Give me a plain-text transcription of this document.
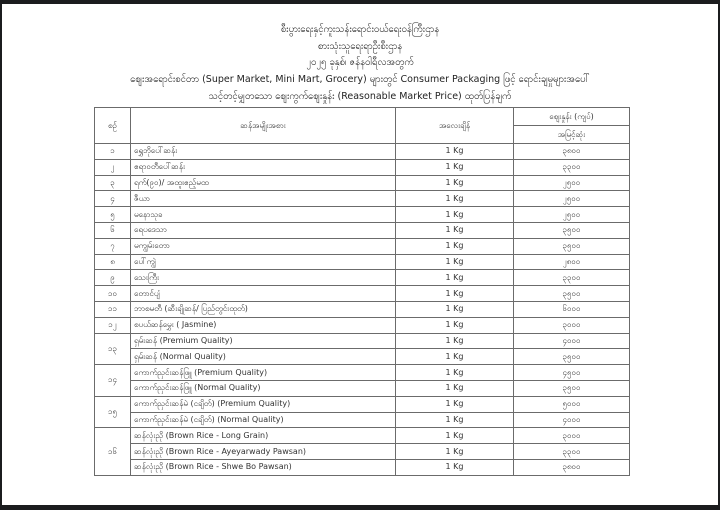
စီးပွားရေးနှင့်ကူးသန်းရောင်းဝယ်ရေးဝန်ကြီးဌာန
စားသုံးသူရေးရာဦးစီးဌာန
၂၀၂၅ ခုနှစ်၊ ဇန်နဝါရီလအတွက်
ဈေးအရောင်းစင်တာ (Super Market, Mini Mart, Grocery) များတွင် Consumer Packaging ဖြင့် ရောင်းချမှုများအပေါ်
သင့်တင့်မျှတသော ဈေးကွက်ဈေးနှုန်း (Reasonable Market Price) ထုတ်ပြန်ချက်
စဉ်	ဆန်အမျိုးအစား	အလေးချိန်	ဈေးနှုန်း (ကျပ်)
			အမြင့်ဆုံး
၁	ရွှေဘိုပေါ်ဆန်း	1 Kg	၃၈၀၀
၂	ဧရာဝတီပေါ်ဆန်း	1 Kg	၃၃၀၀
၃	ရက်(၉၀)/ အထူးဧည့်မထ	1 Kg	၂၅၀၀
၄	ဇီယာ	1 Kg	၂၅၀၀
၅	မနောသုခ	1 Kg	၂၅၀၀
၆	ရေပဒေသာ	1 Kg	၃၅၀၀
၇	မကျွမ်းတော	1 Kg	၃၅၀၀
၈	ပေါ်ကျွဲ	1 Kg	၂၈၀၀
၉	သေးကြီး	1 Kg	၃၃၀၀
၁၀	တောင်ပျံ	1 Kg	၃၅၀၀
၁၁	ဘာစမတီ (ဆီးချိုဆန်/ ပြည်တွင်းထုတ်)	1 Kg	၆၀၀၀
၁၂	စပယ်ဆန်မွှေး ( Jasmine)	1 Kg	၃၀၀၀
၁၃	ရှမ်းဆန် (Premium Quality)	1 Kg	၄၀၀၀
	ရှမ်းဆန် (Normal Quality)	1 Kg	၃၅၀၀
၁၄	ကောက်ညှင်းဆန်ဖြူ (Premium Quality)	1 Kg	၄၅၀၀
	ကောက်ညှင်းဆန်ဖြူ (Normal Quality)	1 Kg	၃၅၀၀
၁၅	ကောက်ညှင်းဆန်မဲ (ငချိတ်) (Premium Quality)	1 Kg	၅၀၀၀
	ကောက်ညှင်းဆန်မဲ (ငချိတ်) (Normal Quality)	1 Kg	၄၀၀၀
၁၆	ဆန်လုံးညို (Brown Rice - Long Grain)	1 Kg	၃၀၀၀
	ဆန်လုံးညို (Brown Rice - Ayeyarwady Pawsan)	1 Kg	၃၃၀၀
	ဆန်လုံးညို (Brown Rice - Shwe Bo Pawsan)	1 Kg	၃၈၀၀
